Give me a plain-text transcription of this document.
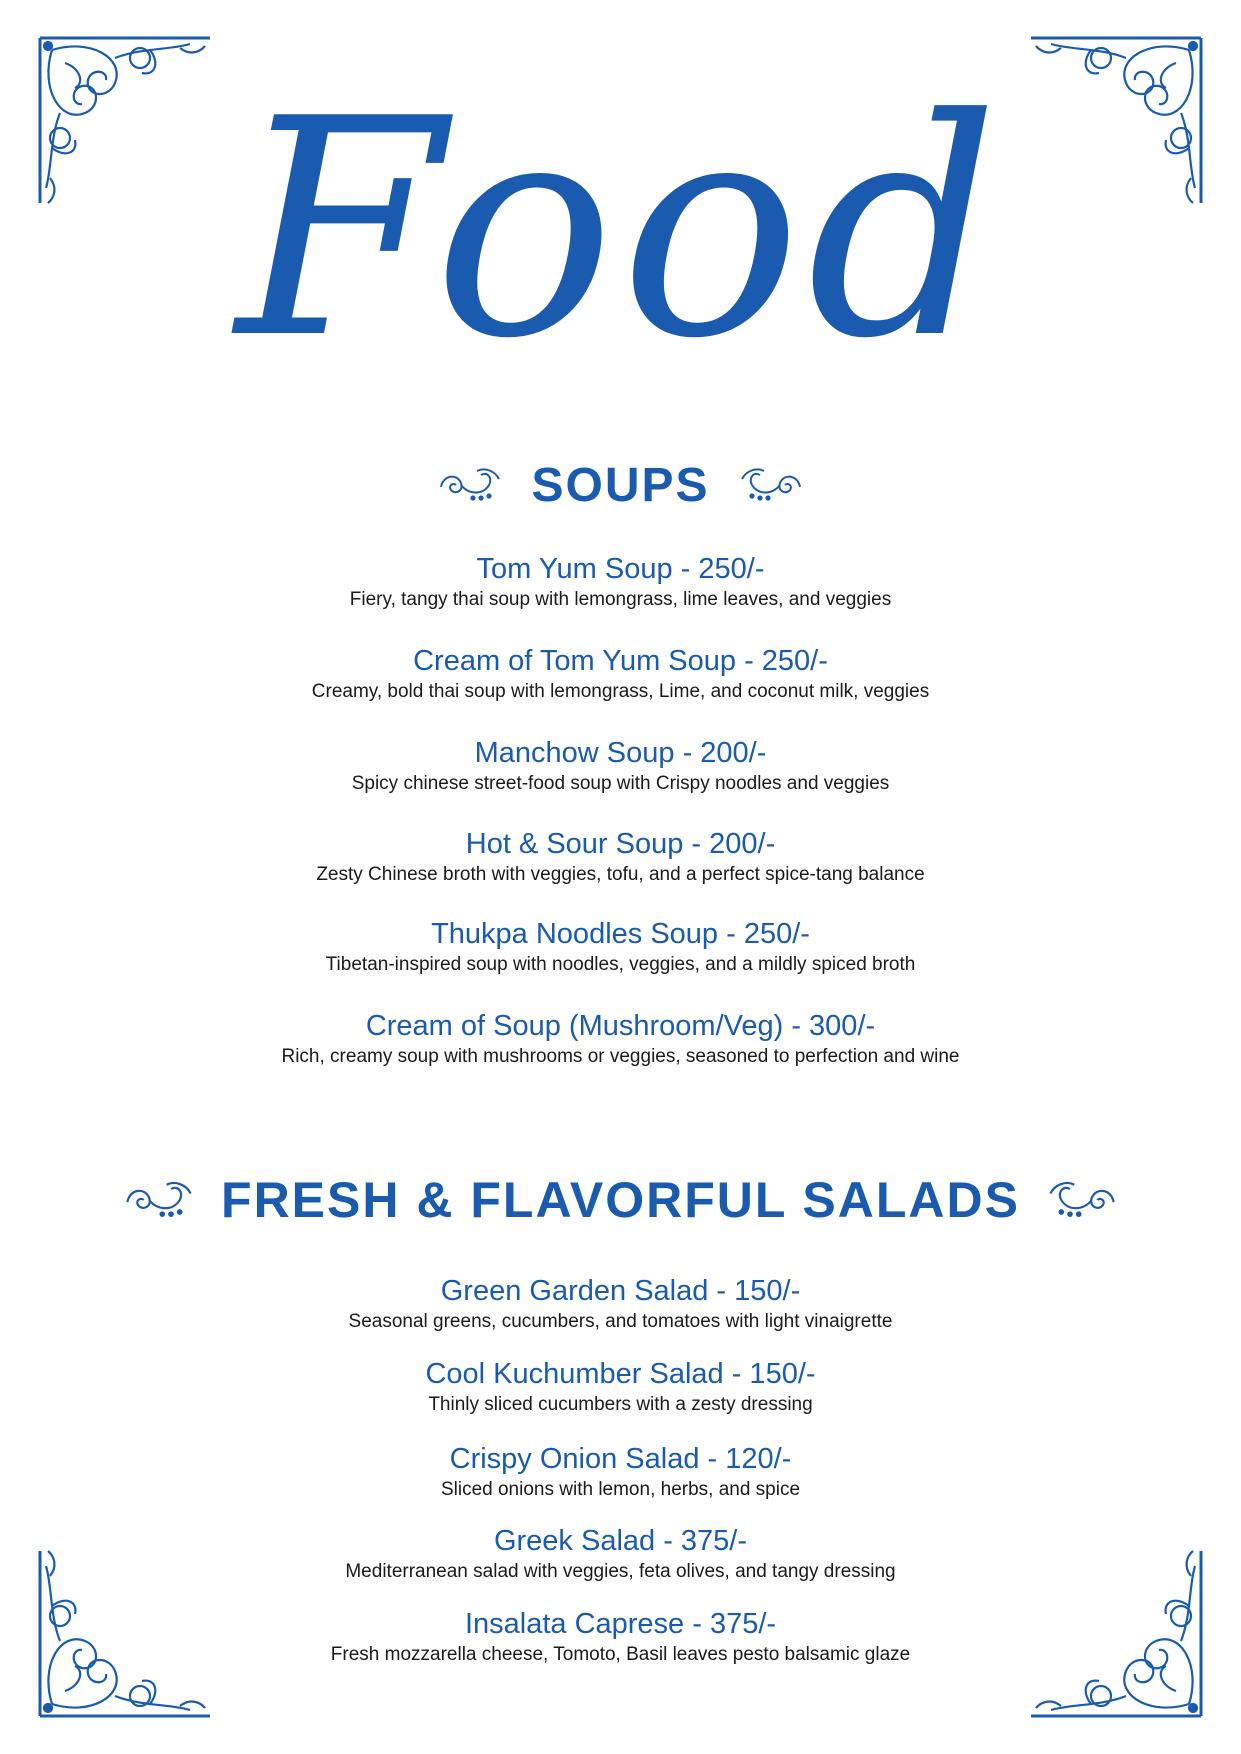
Food
SOUPS
Tom Yum Soup - 250/-
Fiery, tangy thai soup with lemongrass, lime leaves, and veggies
Cream of Tom Yum Soup - 250/-
Creamy, bold thai soup with lemongrass, Lime, and coconut milk, veggies
Manchow Soup - 200/-
Spicy chinese street-food soup with Crispy noodles and veggies
Hot & Sour Soup - 200/-
Zesty Chinese broth with veggies, tofu, and a perfect spice-tang balance
Thukpa Noodles Soup - 250/-
Tibetan-inspired soup with noodles, veggies, and a mildly spiced broth
Cream of Soup (Mushroom/Veg) - 300/-
Rich, creamy soup with mushrooms or veggies, seasoned to perfection and wine
FRESH & FLAVORFUL SALADS
Green Garden Salad - 150/-
Seasonal greens, cucumbers, and tomatoes with light vinaigrette
Cool Kuchumber Salad - 150/-
Thinly sliced cucumbers with a zesty dressing
Crispy Onion Salad - 120/-
Sliced onions with lemon, herbs, and spice
Greek Salad - 375/-
Mediterranean salad with veggies, feta olives, and tangy dressing
Insalata Caprese - 375/-
Fresh mozzarella cheese, Tomoto, Basil leaves pesto balsamic glaze
